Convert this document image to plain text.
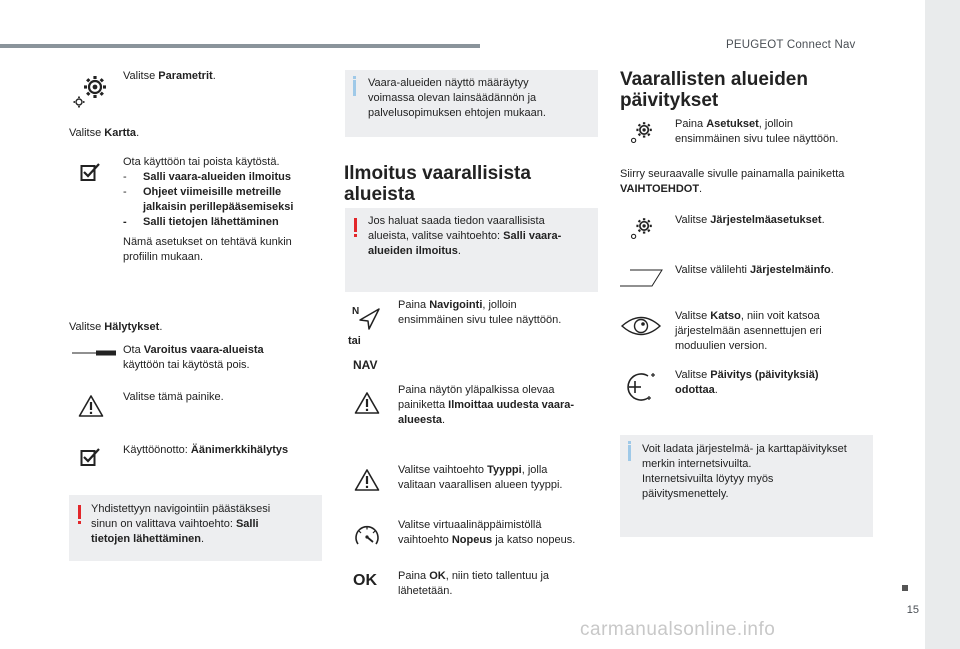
PEUGEOT Connect Nav
15
carmanualsonline.info
Valitse Parametrit.
Valitse Kartta.
Ota käyttöön tai poista käytöstä.
- Salli vaara-alueiden ilmoitus
- Ohjeet viimeisille metreille
jalkaisin perillepääsemiseksi
- Salli tietojen lähettäminen
Nämä asetukset on tehtävä kunkin
profiilin mukaan.
Valitse Hälytykset.
Ota Varoitus vaara-alueista
käyttöön tai käytöstä pois.
Valitse tämä painike.
Käyttöönotto: Äänimerkkihälytys
Yhdistettyyn navigointiin päästäksesi
sinun on valittava vaihtoehto: Salli
tietojen lähettäminen.
Vaara-alueiden näyttö määräytyy
voimassa olevan lainsäädännön ja
palvelusopimuksen ehtojen mukaan.
Ilmoitus vaarallisista
alueista
Jos haluat saada tiedon vaarallisista
alueista, valitse vaihtoehto: Salli vaara-
alueiden ilmoitus.
N
tai
NAV
Paina Navigointi, jolloin
ensimmäinen sivu tulee näyttöön.
Paina näytön yläpalkissa olevaa
painiketta Ilmoittaa uudesta vaara-
alueesta.
Valitse vaihtoehto Tyyppi, jolla
valitaan vaarallisen alueen tyyppi.
Valitse virtuaalinäppäimistöllä
vaihtoehto Nopeus ja katso nopeus.
OK Paina OK, niin tieto tallentuu ja
lähetetään.
Vaarallisten alueiden
päivitykset
Paina Asetukset, jolloin
ensimmäinen sivu tulee näyttöön.
Siirry seuraavalle sivulle painamalla painiketta
VAIHTOEHDOT.
Valitse Järjestelmäasetukset.
Valitse välilehti Järjestelmäinfo.
Valitse Katso, niin voit katsoa
järjestelmään asennettujen eri
moduulien version.
Valitse Päivitys (päivityksiä)
odottaa.
Voit ladata järjestelmä- ja karttapäivitykset
merkin internetsivuilta.
Internetsivuilta löytyy myös
päivitysmenettely.
